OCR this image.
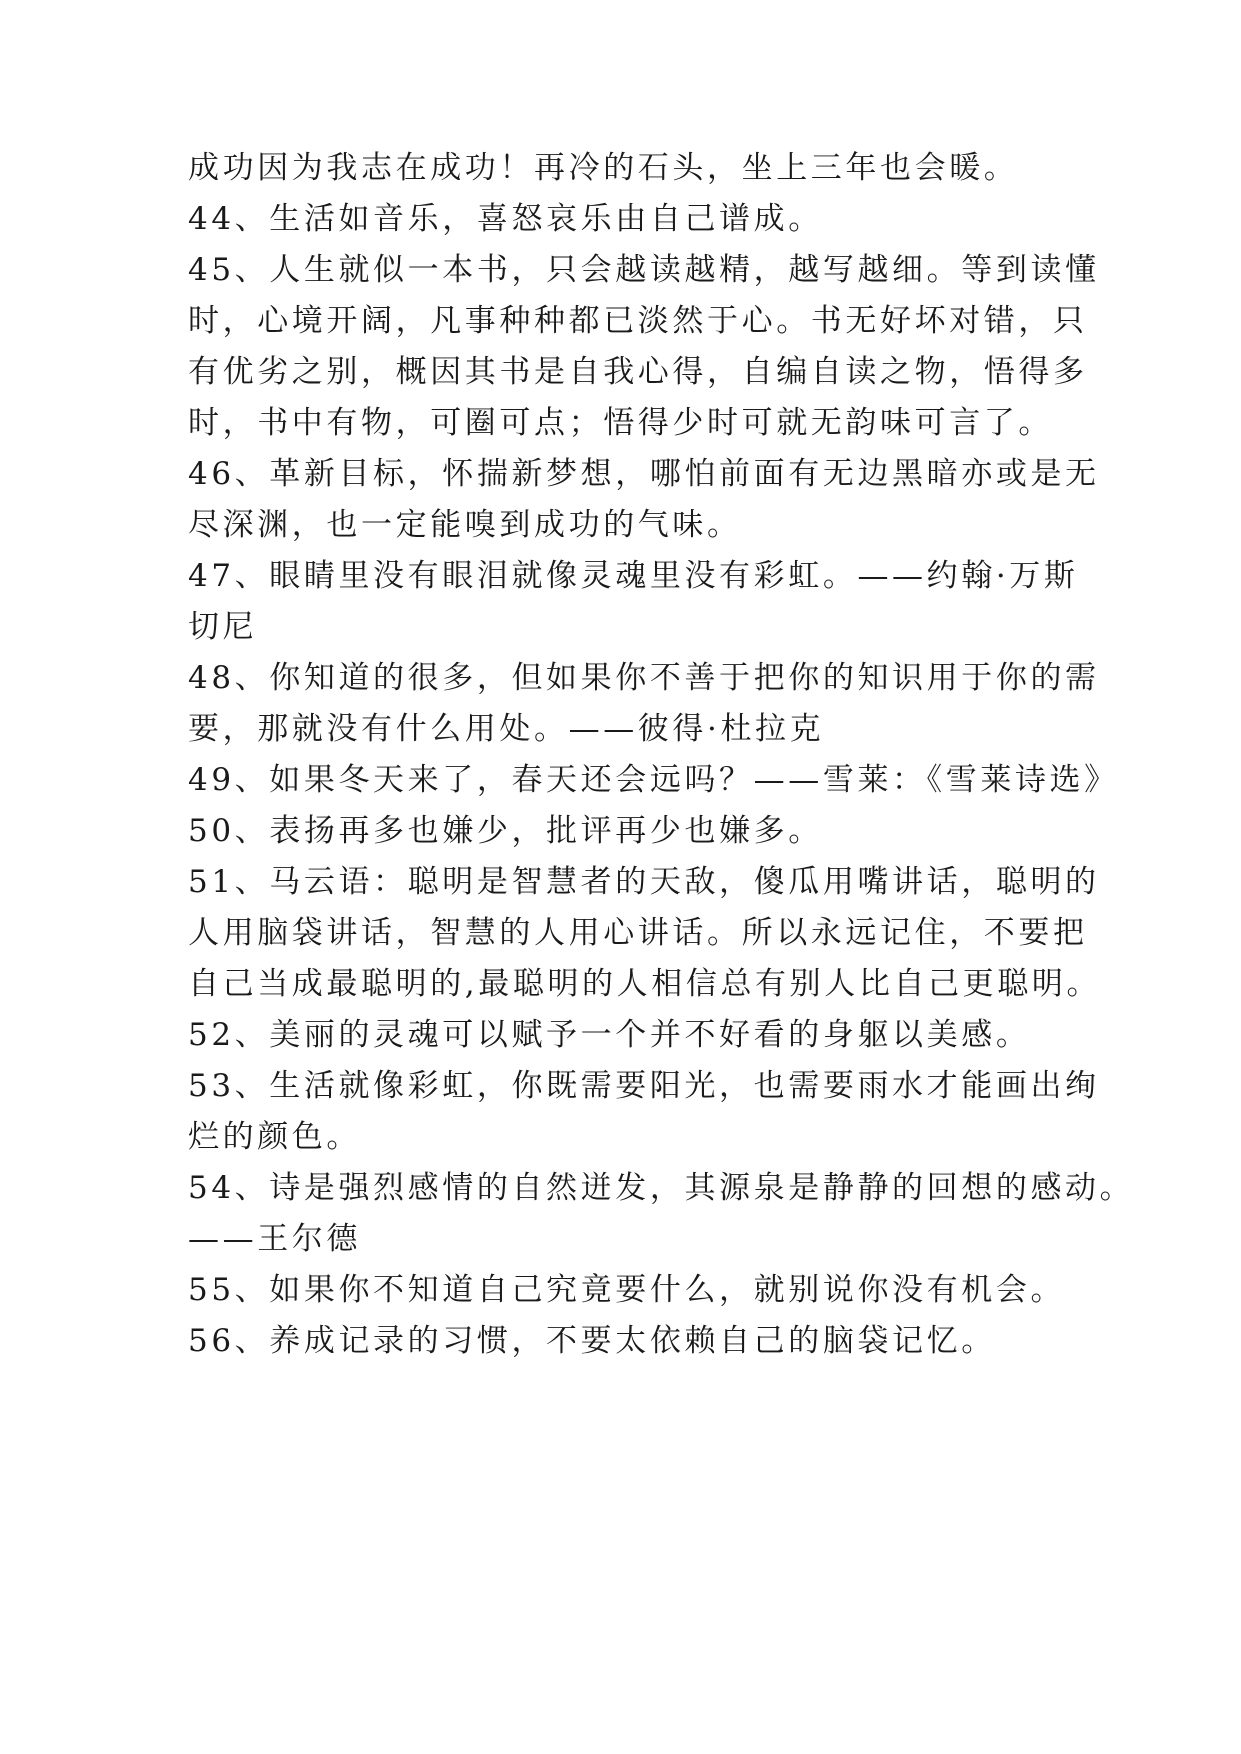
成功因为我志在成功！再冷的石头，坐上三年也会暖。

44、生活如音乐，喜怒哀乐由自己谱成。

45、人生就似一本书，只会越读越精，越写越细。等到读懂

时，心境开阔，凡事种种都已淡然于心。书无好坏对错，只

有优劣之别，概因其书是自我心得，自编自读之物，悟得多

时，书中有物，可圈可点；悟得少时可就无韵味可言了。

46、革新目标，怀揣新梦想，哪怕前面有无边黑暗亦或是无

尽深渊，也一定能嗅到成功的气味。

47、眼睛里没有眼泪就像灵魂里没有彩虹。——约翰·万斯

切尼

48、你知道的很多，但如果你不善于把你的知识用于你的需

要，那就没有什么用处。——彼得·杜拉克

49、如果冬天来了，春天还会远吗？——雪莱：《雪莱诗选》

50、表扬再多也嫌少，批评再少也嫌多。

51、马云语：聪明是智慧者的天敌，傻瓜用嘴讲话，聪明的

人用脑袋讲话，智慧的人用心讲话。所以永远记住，不要把

自己当成最聪明的,最聪明的人相信总有别人比自己更聪明。

52、美丽的灵魂可以赋予一个并不好看的身躯以美感。

53、生活就像彩虹，你既需要阳光，也需要雨水才能画出绚

烂的颜色。

54、诗是强烈感情的自然迸发，其源泉是静静的回想的感动。

——王尔德

55、如果你不知道自己究竟要什么，就别说你没有机会。

56、养成记录的习惯，不要太依赖自己的脑袋记忆。
